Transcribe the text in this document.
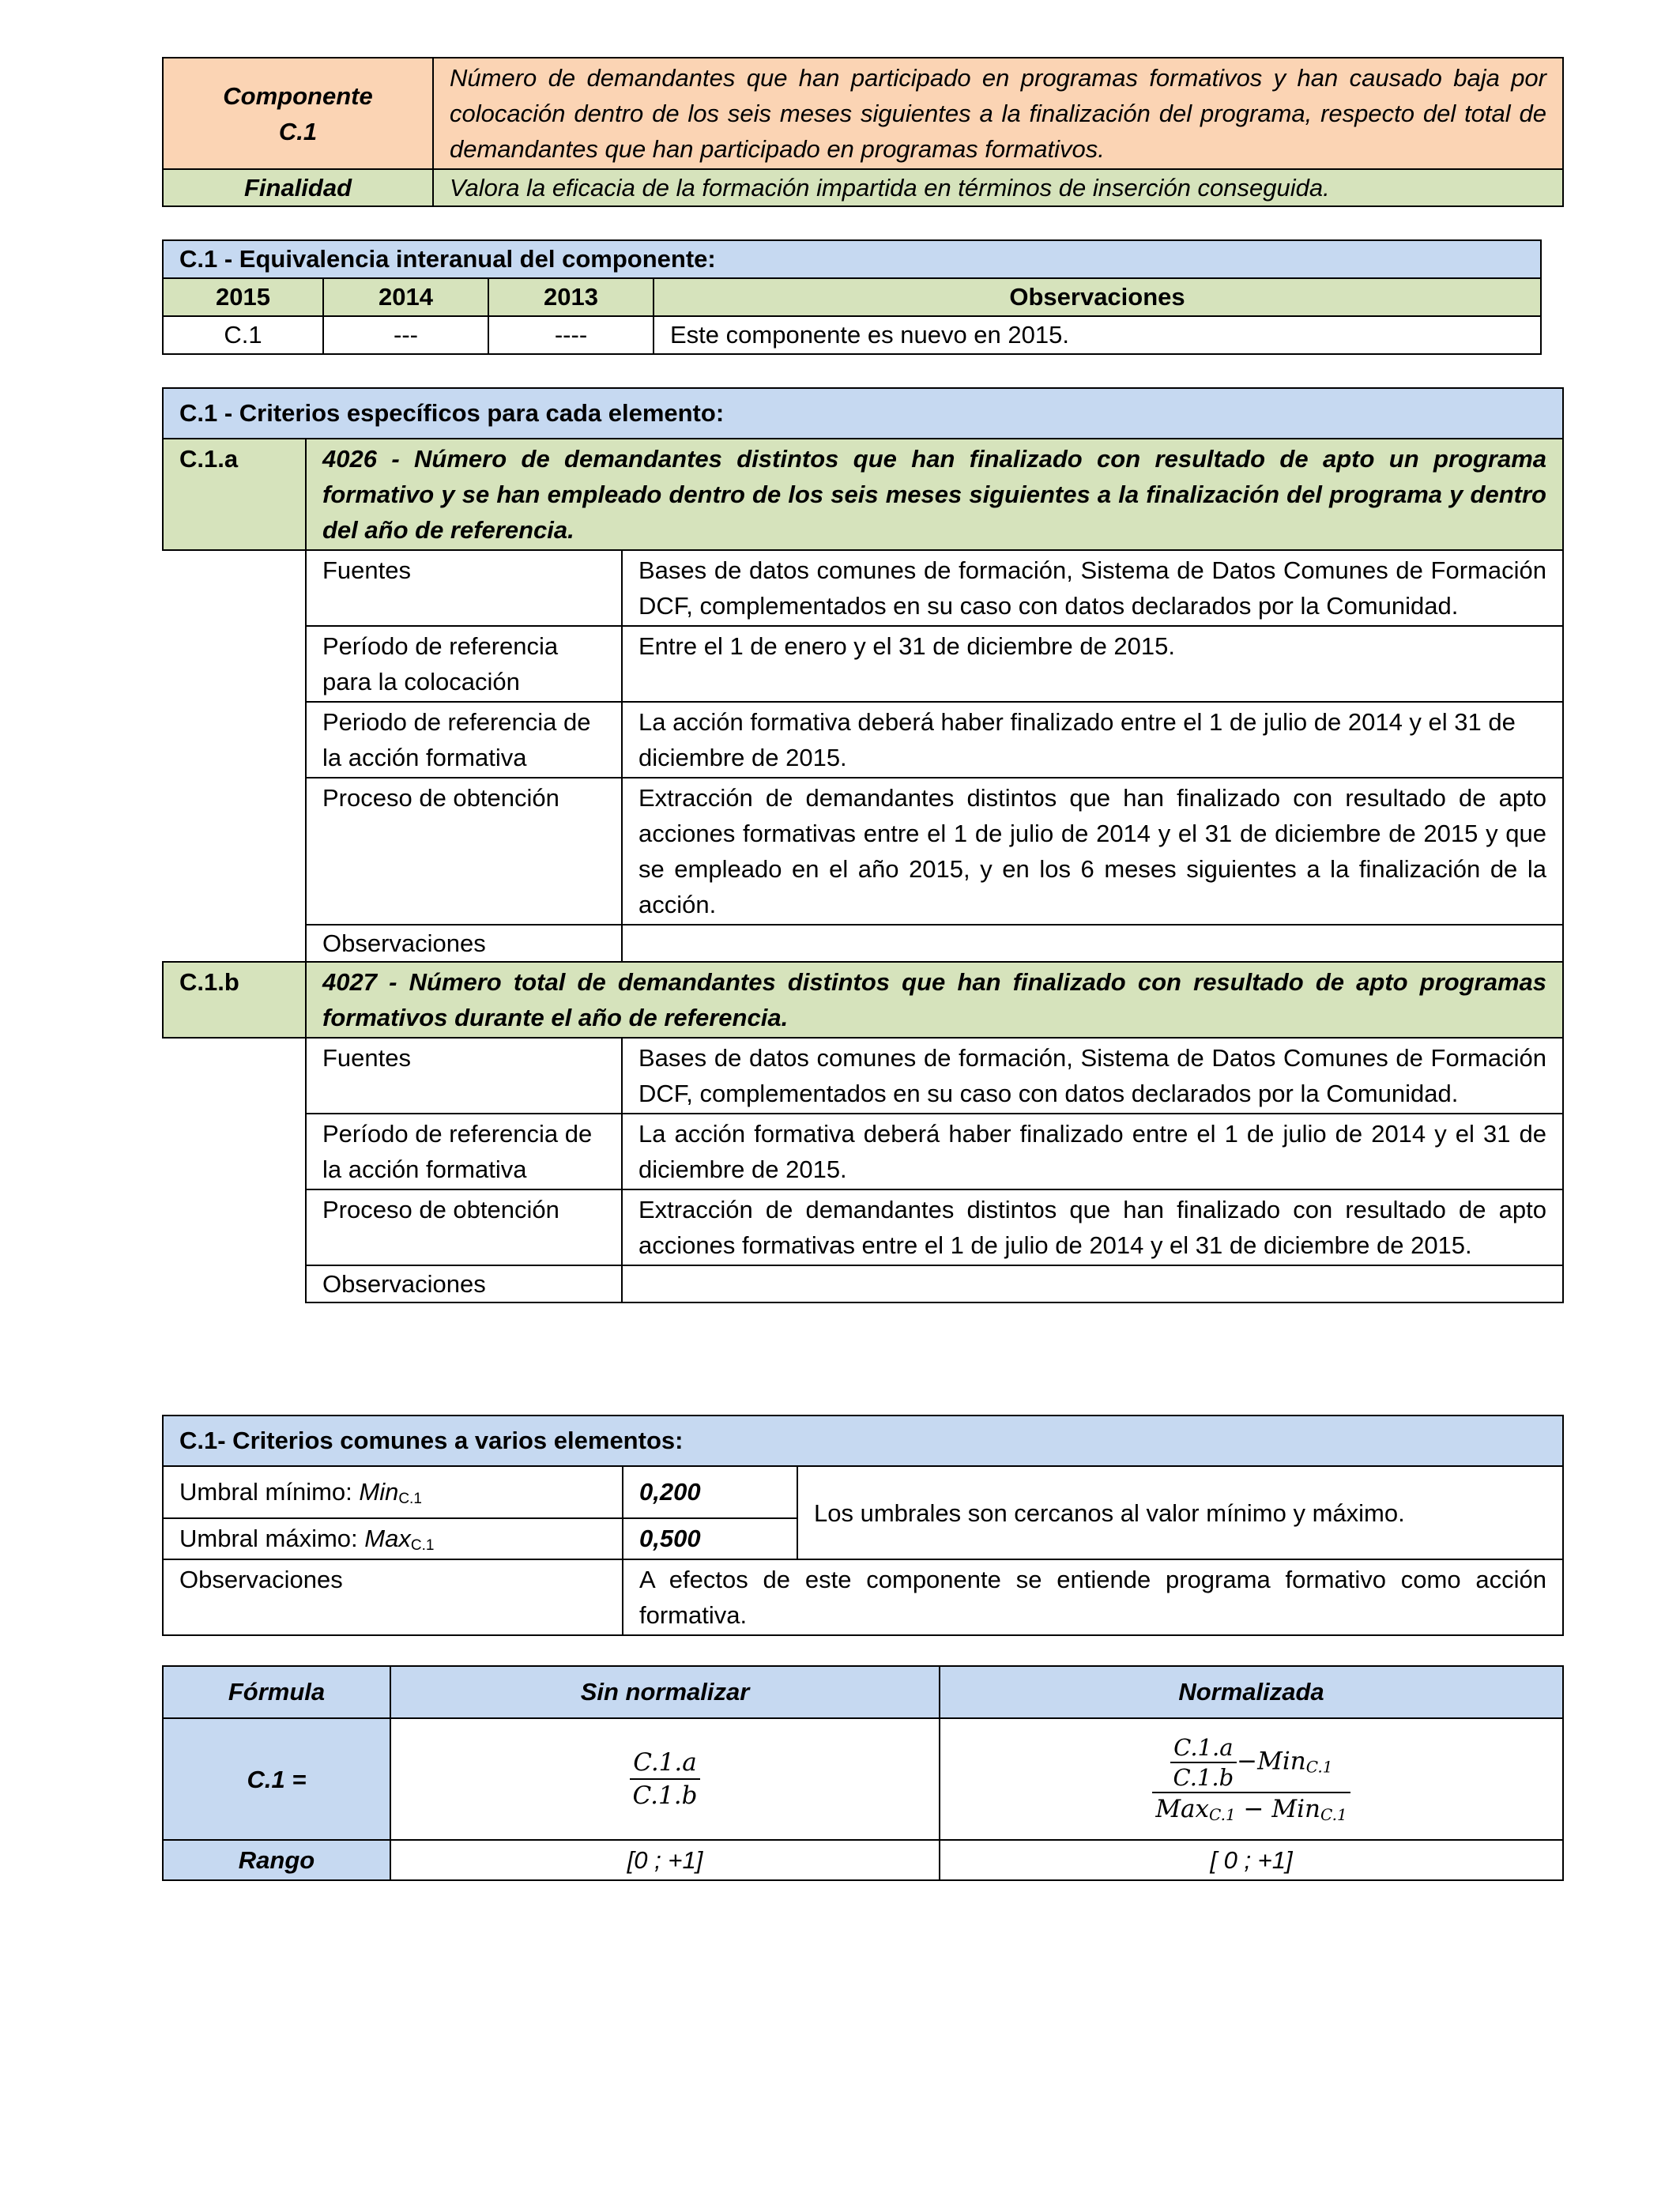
Componente
C.1	Número de demandantes que han participado en programas formativos y han causado baja por colocación dentro de los seis meses siguientes a la finalización del programa, respecto del total de demandantes que han participado en programas formativos.
Finalidad	Valora la eficacia de la formación impartida en términos de inserción conseguida.
C.1 - Equivalencia interanual del componente:			
2015	2014	2013	Observaciones
C.1	---	----	Este componente es nuevo en 2015.
C.1 - Criterios específicos para cada elemento:		
C.1.a	4026 - Número de demandantes distintos que han finalizado con resultado de apto un programa formativo y se han empleado dentro de los seis meses siguientes a la finalización del programa y dentro del año de referencia.	
	Fuentes	Bases de datos comunes de formación, Sistema de Datos Comunes de Formación DCF, complementados en su caso con datos declarados por la Comunidad.
	Período de referencia para la colocación	Entre el 1 de enero y el 31 de diciembre de 2015.
	Periodo de referencia de la acción formativa	La acción formativa deberá haber finalizado entre el 1 de julio de 2014 y el 31 de diciembre de 2015.
	Proceso de obtención	Extracción de demandantes distintos que han finalizado con resultado de apto acciones formativas entre el 1 de julio de 2014 y el 31 de diciembre de 2015 y que se empleado en el año 2015, y en los 6 meses siguientes a la finalización de la acción.
	Observaciones	
C.1.b	4027 - Número total de demandantes distintos que han finalizado con resultado de apto programas formativos durante el año de referencia.	
	Fuentes	Bases de datos comunes de formación, Sistema de Datos Comunes de Formación DCF, complementados en su caso con datos declarados por la Comunidad.
	Período de referencia de la acción formativa	La acción formativa deberá haber finalizado entre el 1 de julio de 2014 y el 31 de diciembre de 2015.
	Proceso de obtención	Extracción de demandantes distintos que han finalizado con resultado de apto acciones formativas entre el 1 de julio de 2014 y el 31 de diciembre de 2015.
	Observaciones	
C.1- Criterios comunes a varios elementos:		
Umbral mínimo: Min$_{C.1}$	0,200	Los umbrales son cercanos al valor mínimo y máximo.
Umbral máximo: Max$_{C.1}$	0,500	
Observaciones	A efectos de este componente se entiende programa formativo como acción formativa.	
Fórmula	Sin normalizar	Normalizada
C.1 =	$\frac{C.1.a}{C.1.b}$	$\frac{\frac{C.1.a}{C.1.b} -Min_{C.1}}{Max_{C.1} - Min_{C.1}}$

Rango	[0 ; +1]	[ 0 ; +1]
